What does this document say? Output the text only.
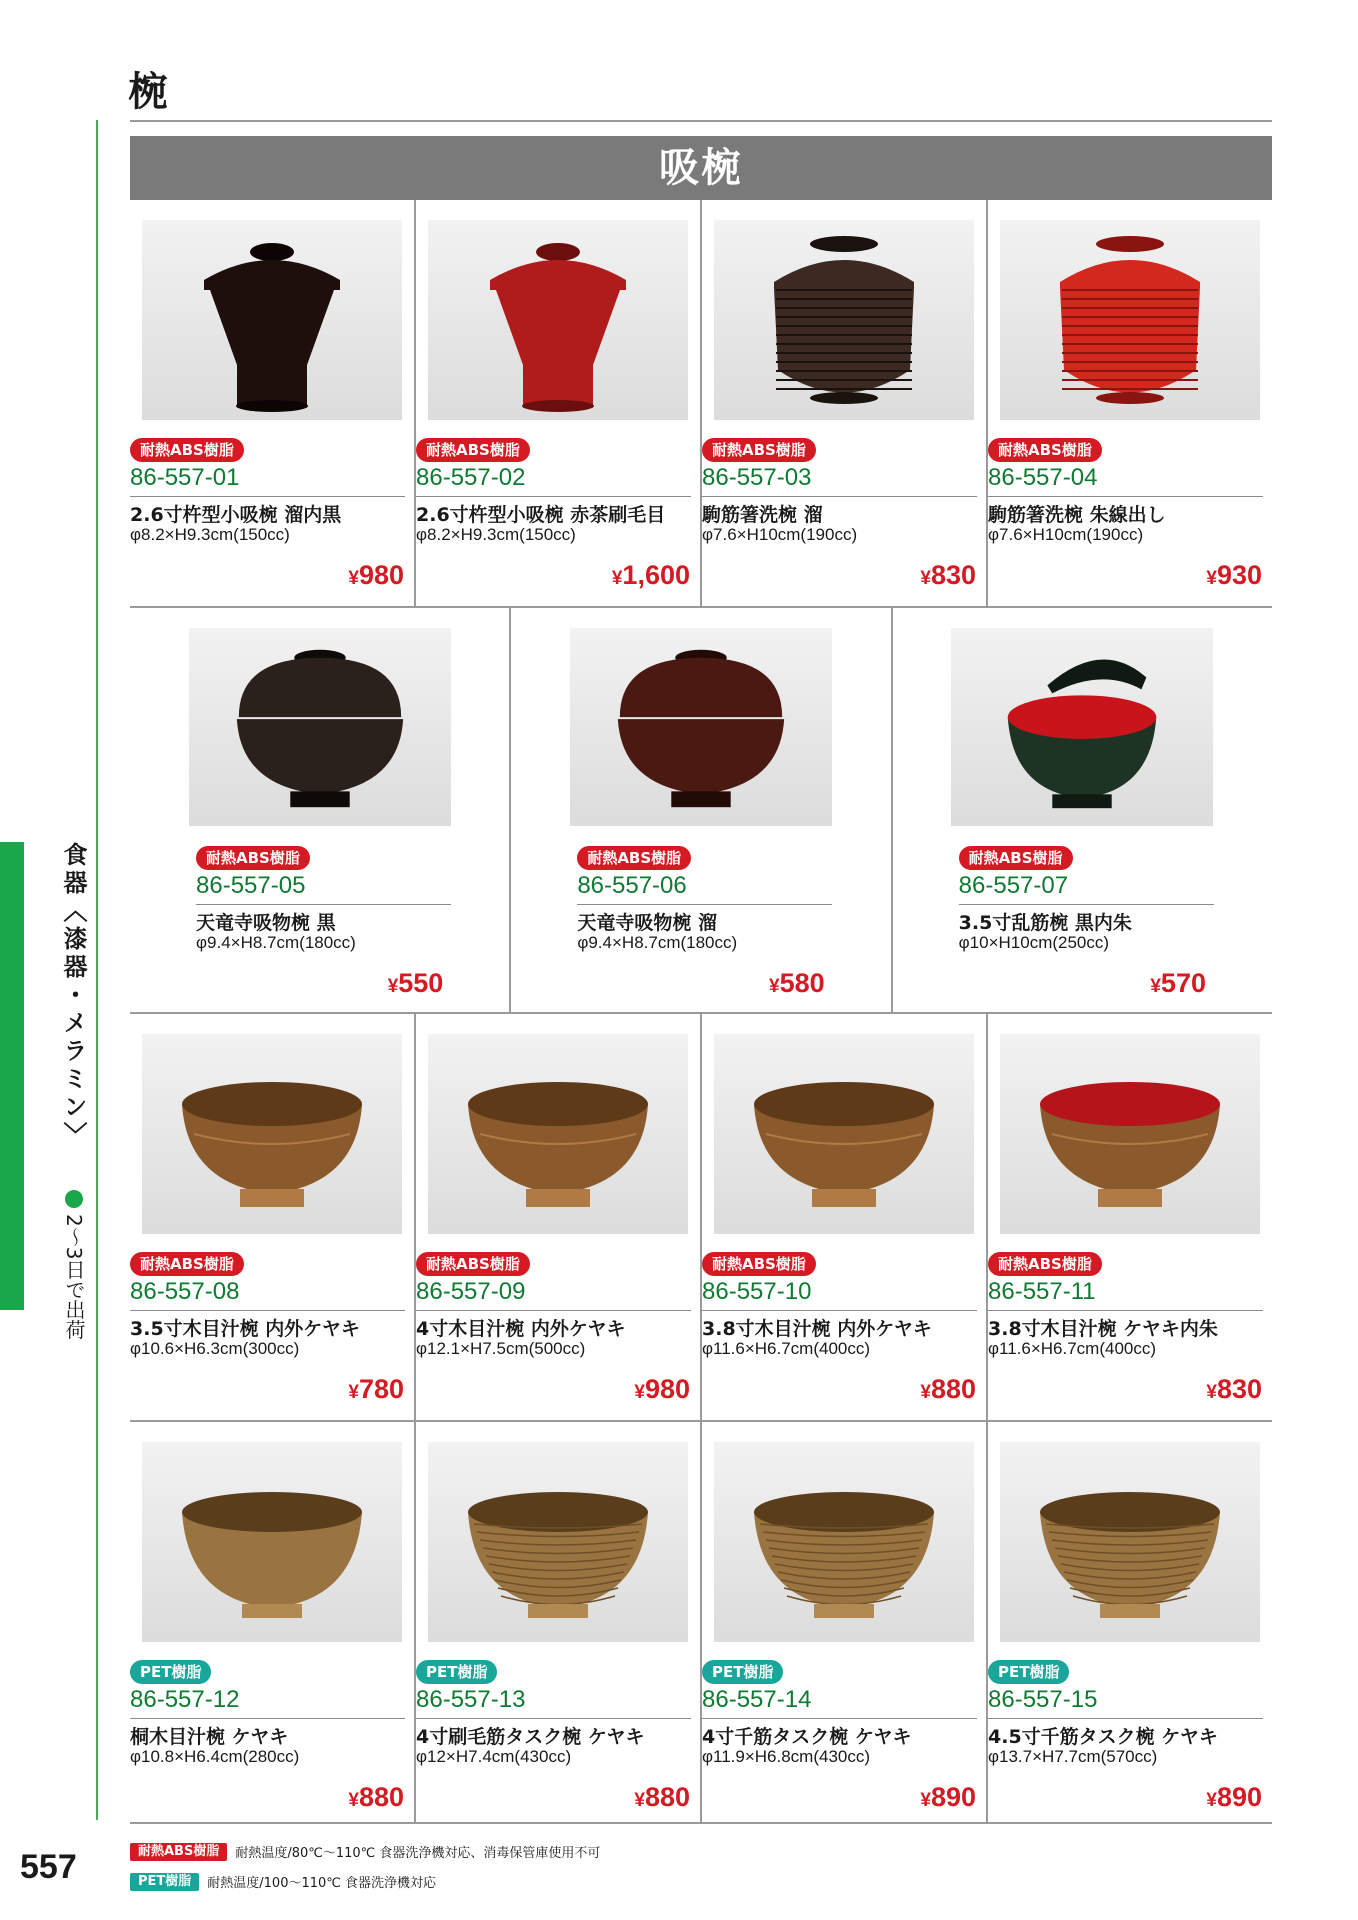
椀
食器〈漆器・メラミン〉
2〜3日で出荷
吸椀
耐熱ABS樹脂
86-557-01
2.6寸杵型小吸椀 溜内黒
φ8.2×H9.3cm(150cc)
¥980
耐熱ABS樹脂
86-557-02
2.6寸杵型小吸椀 赤茶刷毛目
φ8.2×H9.3cm(150cc)
¥1,600
耐熱ABS樹脂
86-557-03
駒筋箸洗椀 溜
φ7.6×H10cm(190cc)
¥830
耐熱ABS樹脂
86-557-04
駒筋箸洗椀 朱線出し
φ7.6×H10cm(190cc)
¥930
耐熱ABS樹脂
86-557-05
天竜寺吸物椀 黒
φ9.4×H8.7cm(180cc)
¥550
耐熱ABS樹脂
86-557-06
天竜寺吸物椀 溜
φ9.4×H8.7cm(180cc)
¥580
耐熱ABS樹脂
86-557-07
3.5寸乱筋椀 黒内朱
φ10×H10cm(250cc)
¥570
耐熱ABS樹脂
86-557-08
3.5寸木目汁椀 内外ケヤキ
φ10.6×H6.3cm(300cc)
¥780
耐熱ABS樹脂
86-557-09
4寸木目汁椀 内外ケヤキ
φ12.1×H7.5cm(500cc)
¥980
耐熱ABS樹脂
86-557-10
3.8寸木目汁椀 内外ケヤキ
φ11.6×H6.7cm(400cc)
¥880
耐熱ABS樹脂
86-557-11
3.8寸木目汁椀 ケヤキ内朱
φ11.6×H6.7cm(400cc)
¥830
PET樹脂
86-557-12
桐木目汁椀 ケヤキ
φ10.8×H6.4cm(280cc)
¥880
PET樹脂
86-557-13
4寸刷毛筋タスク椀 ケヤキ
φ12×H7.4cm(430cc)
¥880
PET樹脂
86-557-14
4寸千筋タスク椀 ケヤキ
φ11.9×H6.8cm(430cc)
¥890
PET樹脂
86-557-15
4.5寸千筋タスク椀 ケヤキ
φ13.7×H7.7cm(570cc)
¥890
耐熱ABS樹脂	耐熱温度/80℃〜110℃ 食器洗浄機対応、消毒保管庫使用不可
PET樹脂	耐熱温度/100〜110℃ 食器洗浄機対応
557
